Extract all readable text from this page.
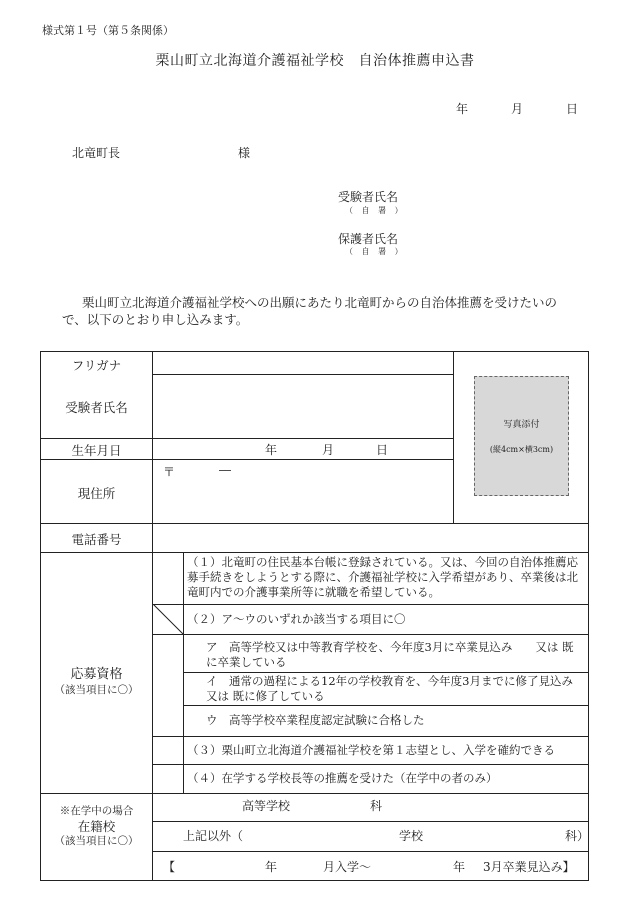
様式第１号（第５条関係）
栗山町立北海道介護福祉学校　自治体推薦申込書
年	月	日
北竜町長	様
受験者氏名
（ 自 署 ）
保護者氏名
（ 自 署 ）
栗山町立北海道介護福祉学校への出願にあたり北竜町からの自治体推薦を受けたいので、以下のとおり申し込みます。
フリガナ
受験者氏名
生年月日	年	月	日
現住所
〒	―
電話番号
写真添付
(縦4cm×横3cm)
応募資格
（該当項目に〇）
（１）北竜町の住民基本台帳に登録されている。又は、今回の自治体推薦応募手続きをしようとする際に、介護福祉学校に入学希望があり、卒業後は北竜町内での介護事業所等に就職を希望している。
（２）ア～ウのいずれか該当する項目に〇
ア　高等学校又は中等教育学校を、今年度3月に卒業見込み　　又は 既に卒業している
イ　通常の過程による12年の学校教育を、今年度3月までに修了見込み又は 既に修了している
ウ　高等学校卒業程度認定試験に合格した
（３）栗山町立北海道介護福祉学校を第１志望とし、入学を確約できる
（４）在学する学校長等の推薦を受けた（在学中の者のみ）
※在学中の場合
在籍校
（該当項目に〇）
高等学校	科
上記以外（	学校	科）
【	年	月入学～	年 3月卒業見込み】
